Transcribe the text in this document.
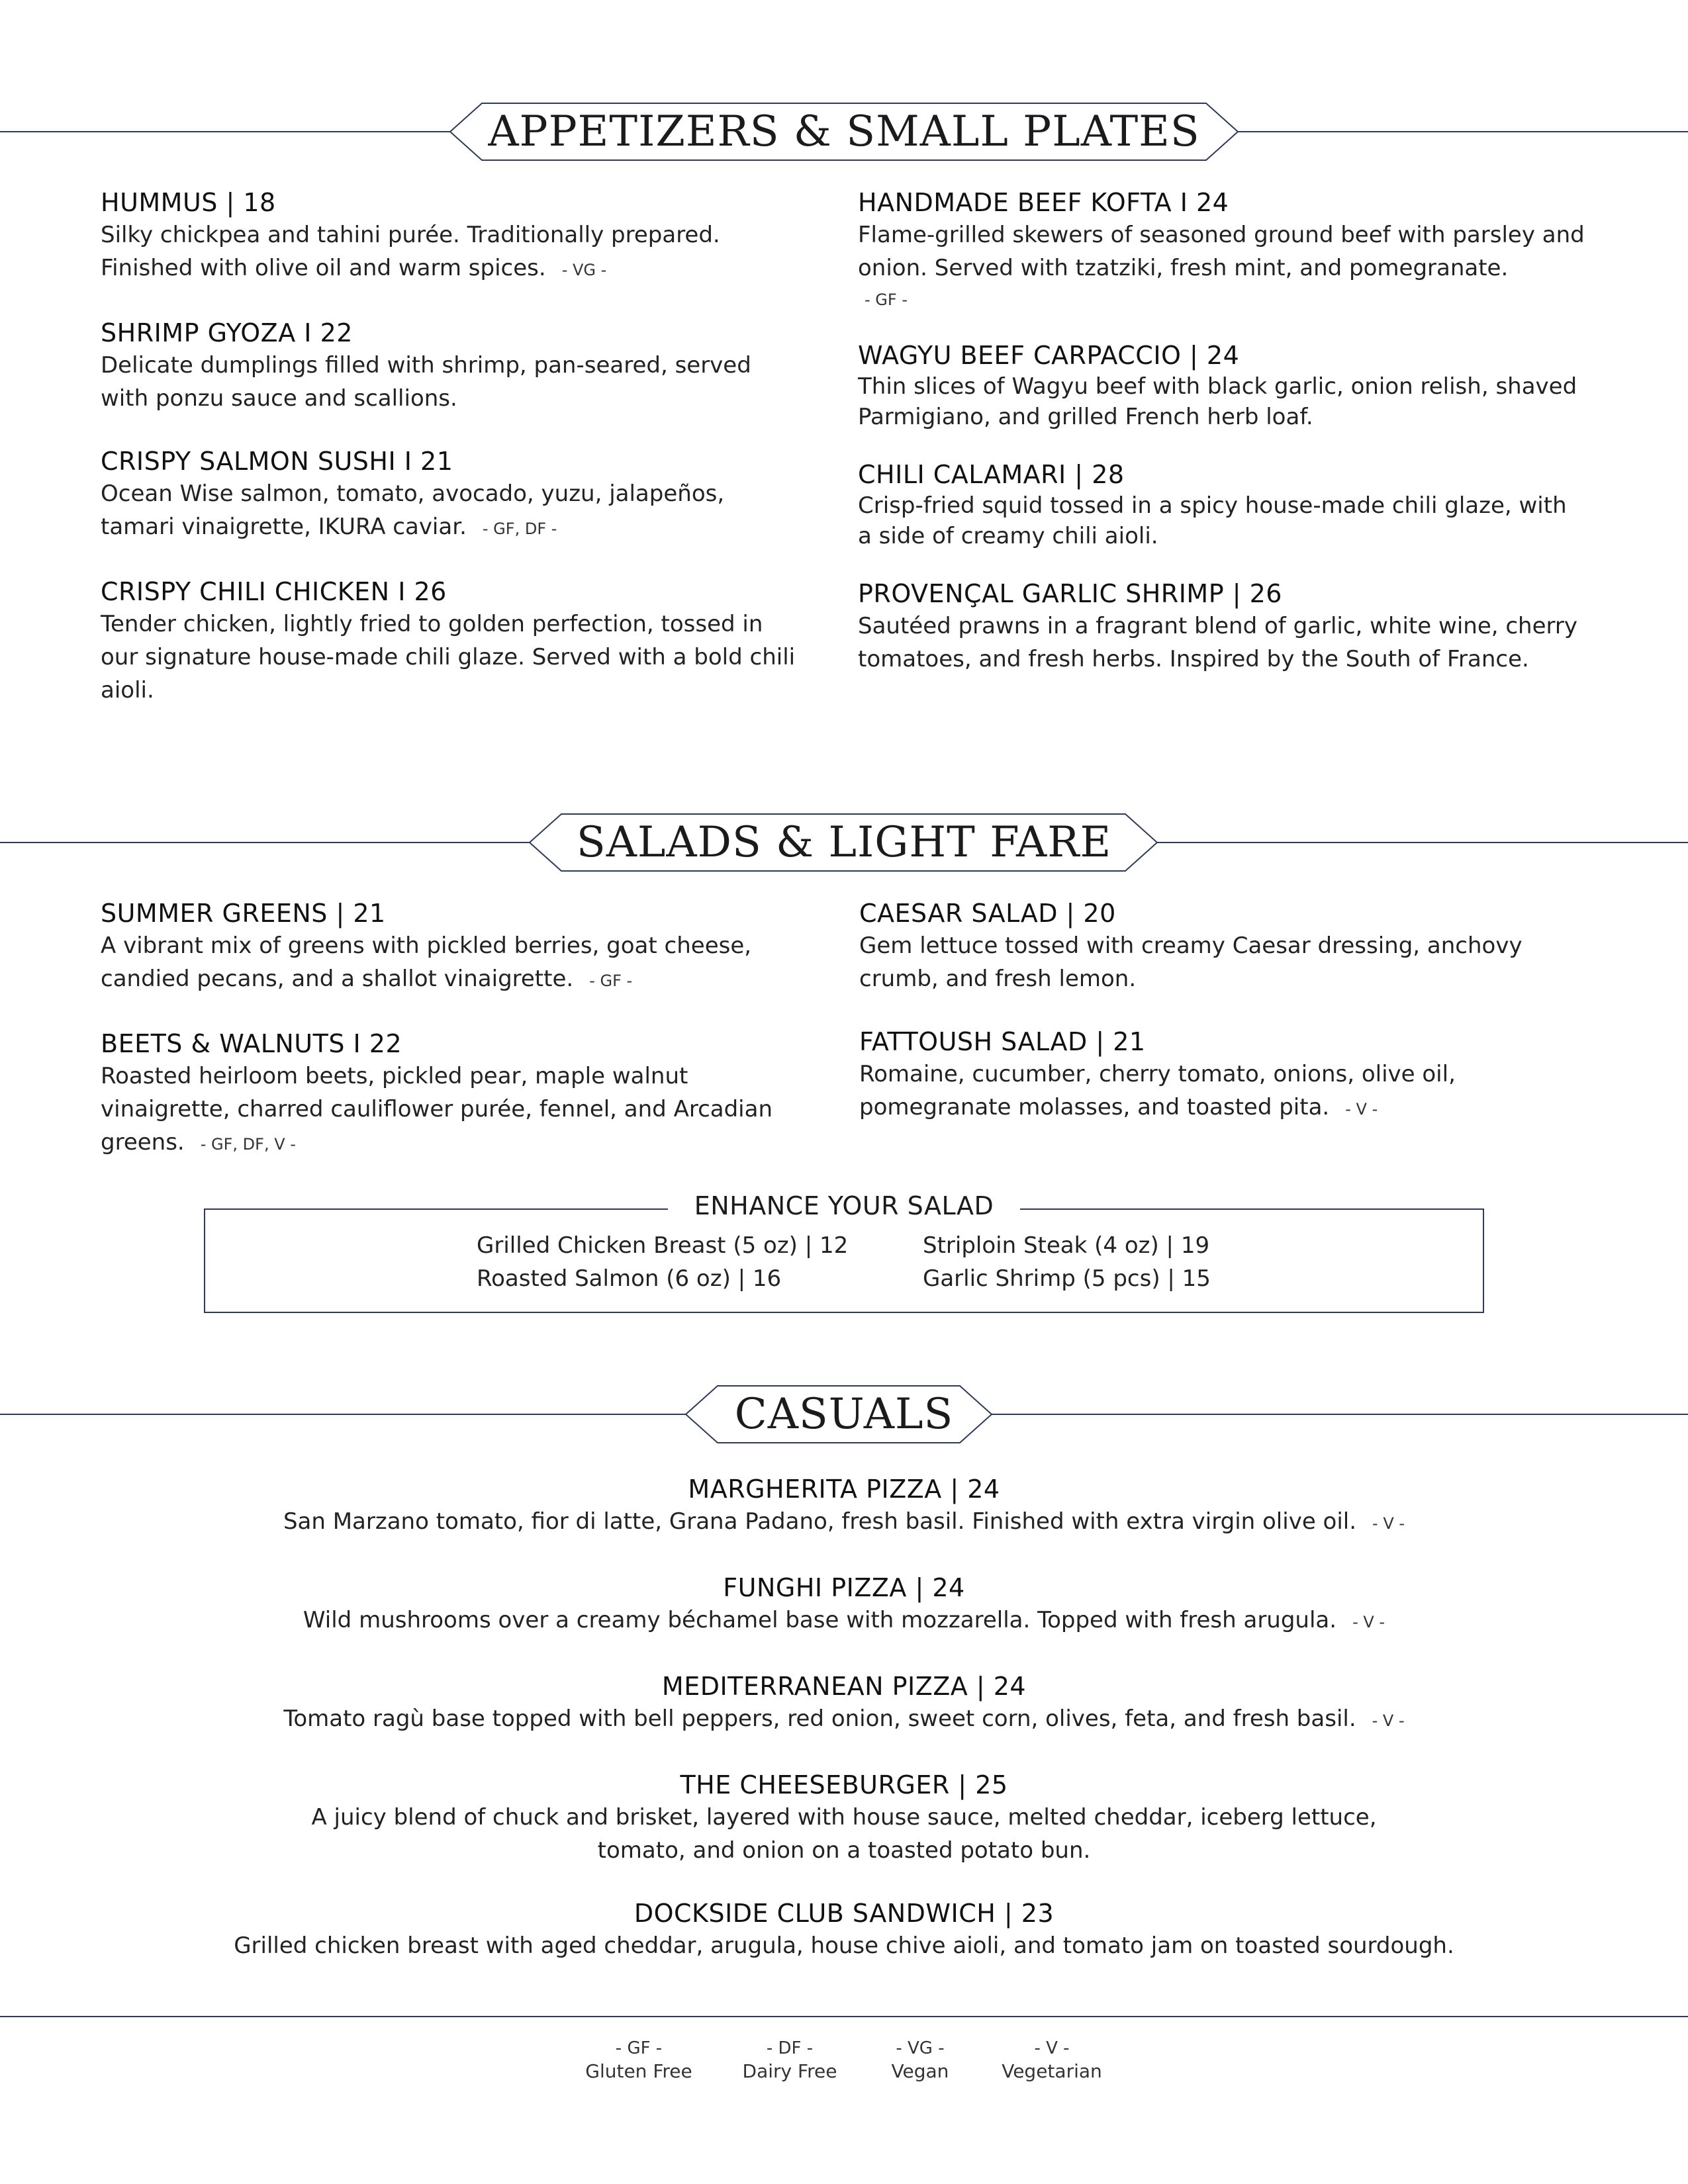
APPETIZERS & SMALL PLATES

HUMMUS | 18

Silky chickpea and tahini purée. Traditionally prepared. Finished with olive oil and warm spices. - VG -

SHRIMP GYOZA I 22

Delicate dumplings filled with shrimp, pan-seared, served with ponzu sauce and scallions.

CRISPY SALMON SUSHI I 21

Ocean Wise salmon, tomato, avocado, yuzu, jalapeños, tamari vinaigrette, IKURA caviar. - GF, DF -

CRISPY CHILI CHICKEN I 26

Tender chicken, lightly fried to golden perfection, tossed in our signature house-made chili glaze. Served with a bold chili aioli.

HANDMADE BEEF KOFTA I 24

Flame-grilled skewers of seasoned ground beef with parsley and onion. Served with tzatziki, fresh mint, and pomegranate.

- GF -

WAGYU BEEF CARPACCIO | 24

Thin slices of Wagyu beef with black garlic, onion relish, shaved Parmigiano, and grilled French herb loaf.

CHILI CALAMARI | 28

Crisp-fried squid tossed in a spicy house-made chili glaze, with a side of creamy chili aioli.

PROVENÇAL GARLIC SHRIMP | 26

Sautéed prawns in a fragrant blend of garlic, white wine, cherry tomatoes, and fresh herbs. Inspired by the South of France.

SALADS & LIGHT FARE

SUMMER GREENS | 21

A vibrant mix of greens with pickled berries, goat cheese, candied pecans, and a shallot vinaigrette. - GF -

BEETS & WALNUTS I 22

Roasted heirloom beets, pickled pear, maple walnut vinaigrette, charred cauliflower purée, fennel, and Arcadian greens. - GF, DF, V -

CAESAR SALAD | 20

Gem lettuce tossed with creamy Caesar dressing, anchovy crumb, and fresh lemon.

FATTOUSH SALAD | 21

Romaine, cucumber, cherry tomato, onions, olive oil, pomegranate molasses, and toasted pita. - V -

ENHANCE YOUR SALAD
Grilled Chicken Breast (5 oz) | 12	Striploin Steak (4 oz) | 19
Roasted Salmon (6 oz) | 16	Garlic Shrimp (5 pcs) | 15
CASUALS

MARGHERITA PIZZA | 24

San Marzano tomato, fior di latte, Grana Padano, fresh basil. Finished with extra virgin olive oil. - V -

FUNGHI PIZZA | 24

Wild mushrooms over a creamy béchamel base with mozzarella. Topped with fresh arugula. - V -

MEDITERRANEAN PIZZA | 24

Tomato ragù base topped with bell peppers, red onion, sweet corn, olives, feta, and fresh basil. - V -

THE CHEESEBURGER | 25

A juicy blend of chuck and brisket, layered with house sauce, melted cheddar, iceberg lettuce, tomato, and onion on a toasted potato bun.

DOCKSIDE CLUB SANDWICH | 23

Grilled chicken breast with aged cheddar, arugula, house chive aioli, and tomato jam on toasted sourdough.

- GF -
Gluten Free
- DF -
Dairy Free
- VG -
Vegan
- V -
Vegetarian
